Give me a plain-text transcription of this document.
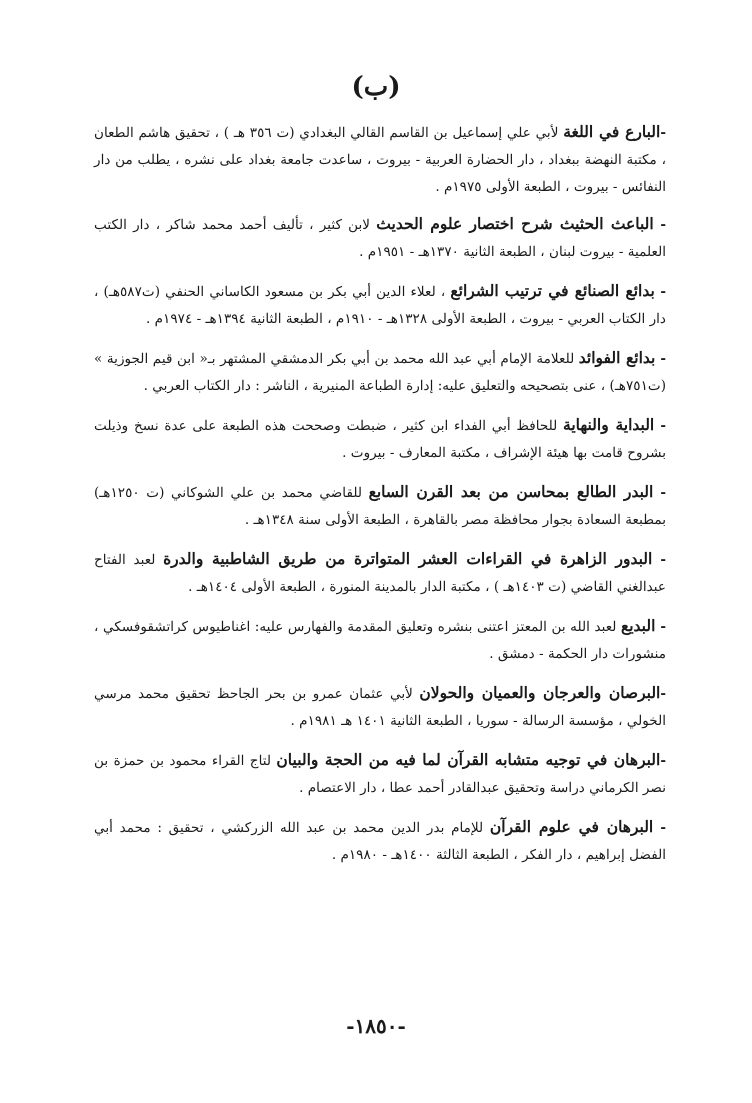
(ب)

-البارع في اللغة لأبي علي إسماعيل بن القاسم القالي البغدادي (ت ٣٥٦ هـ ) ، تحقيق هاشم الطعان ، مكتبة النهضة ببغداد ، دار الحضارة العربية - بيروت ، ساعدت جامعة بغداد على نشره ، يطلب من دار النفائس - بيروت ، الطبعة الأولى ١٩٧٥م .

- الباعث الحثيث شرح اختصار علوم الحديث لابن كثير ، تأليف أحمد محمد شاكر ، دار الكتب العلمية - بيروت لبنان ، الطبعة الثانية ١٣٧٠هـ - ١٩٥١م .

- بدائع الصنائع في ترتيب الشرائع ، لعلاء الدين أبي بكر بن مسعود الكاساني الحنفي (ت٥٨٧هـ) ، دار الكتاب العربي - بيروت ، الطبعة الأولى ١٣٢٨هـ - ١٩١٠م ، الطبعة الثانية ١٣٩٤هـ - ١٩٧٤م .

- بدائع الفوائد للعلامة الإمام أبي عبد الله محمد بن أبي بكر الدمشقي المشتهر بـ« ابن قيم الجوزية » (ت٧٥١هـ) ، عنى بتصحيحه والتعليق عليه: إدارة الطباعة المنيرية ، الناشر : دار الكتاب العربي .

- البداية والنهاية للحافظ أبي الفداء ابن كثير ، ضبطت وصححت هذه الطبعة على عدة نسخ وذيلت بشروح قامت بها هيئة الإشراف ، مكتبة المعارف - بيروت .

- البدر الطالع بمحاسن من بعد القرن السابع للقاضي محمد بن علي الشوكاني (ت ١٢٥٠هـ) بمطبعة السعادة بجوار محافظة مصر بالقاهرة ، الطبعة الأولى سنة ١٣٤٨هـ .

- البدور الزاهرة في القراءات العشر المتواترة من طريق الشاطبية والدرة لعبد الفتاح عبدالغني القاضي (ت ١٤٠٣هـ ) ، مكتبة الدار بالمدينة المنورة ، الطبعة الأولى ١٤٠٤هـ .

- البديع لعبد الله بن المعتز اعتنى بنشره وتعليق المقدمة والفهارس عليه: اغناطيوس كراتشقوفسكي ، منشورات دار الحكمة - دمشق .

-البرصان والعرجان والعميان والحولان لأبي عثمان عمرو بن بحر الجاحظ تحقيق محمد مرسي الخولي ، مؤسسة الرسالة - سوريا ، الطبعة الثانية ١٤٠١ هـ ١٩٨١م .

-البرهان في توجيه متشابه القرآن لما فيه من الحجة والبيان لتاج القراء محمود بن حمزة بن نصر الكرماني دراسة وتحقيق عبدالقادر أحمد عطا ، دار الاعتصام .

- البرهان في علوم القرآن للإمام بدر الدين محمد بن عبد الله الزركشي ، تحقيق : محمد أبي الفضل إبراهيم ، دار الفكر ، الطبعة الثالثة ١٤٠٠هـ - ١٩٨٠م .

-١٨٥٠-
